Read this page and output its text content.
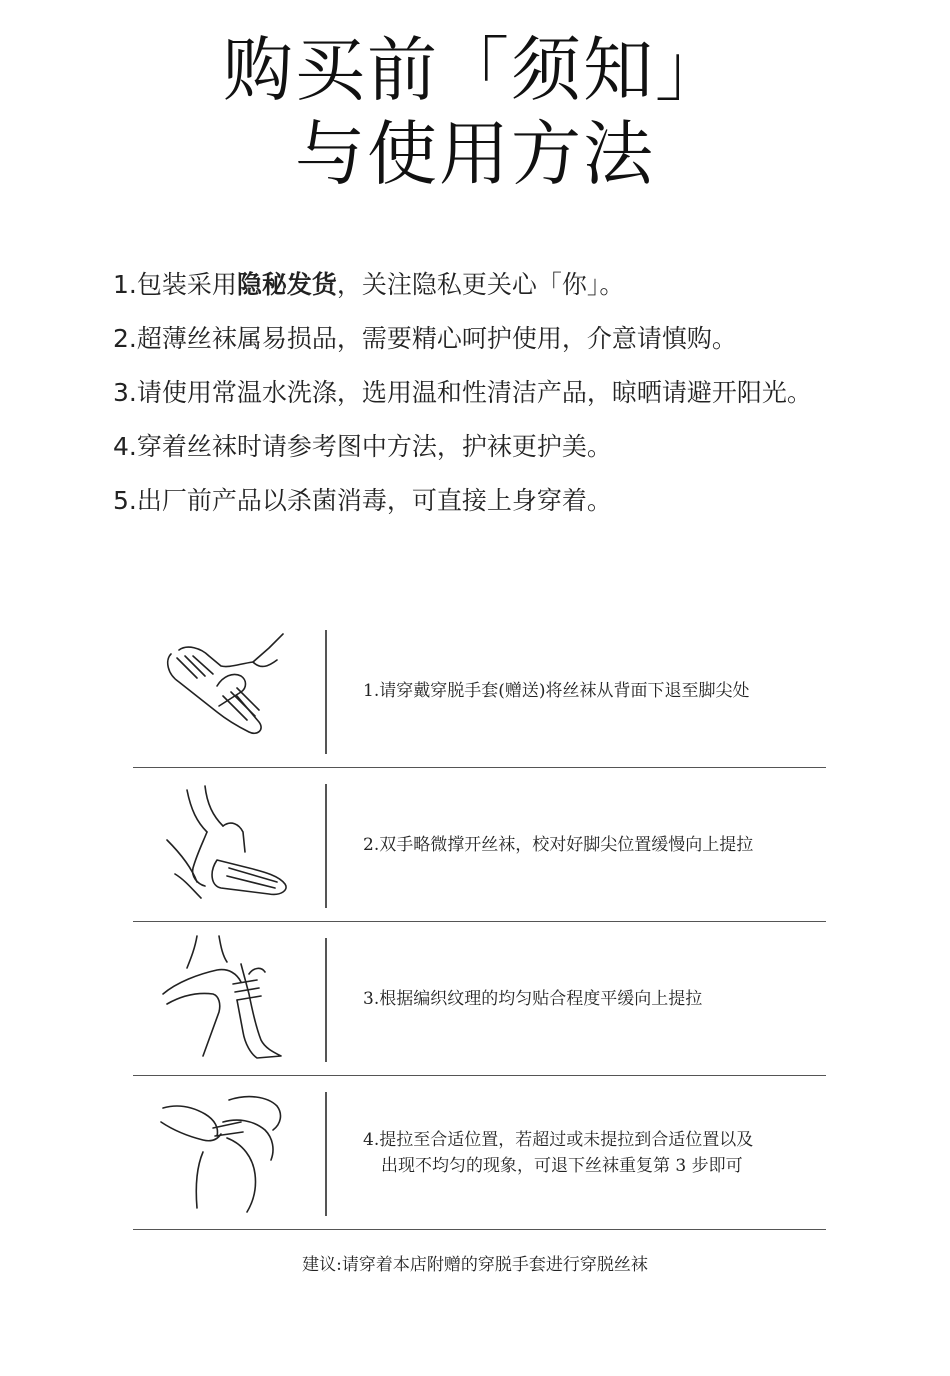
购买前「须知」
与使用方法
1.包装采用隐秘发货，关注隐私更关心「你」。
2.超薄丝袜属易损品，需要精心呵护使用，介意请慎购。
3.请使用常温水洗涤，选用温和性清洁产品，晾晒请避开阳光。
4.穿着丝袜时请参考图中方法，护袜更护美。
5.出厂前产品以杀菌消毒，可直接上身穿着。
1.请穿戴穿脱手套(赠送)将丝袜从背面下退至脚尖处
2.双手略微撑开丝袜，校对好脚尖位置缓慢向上提拉
3.根据编织纹理的均匀贴合程度平缓向上提拉
4.提拉至合适位置，若超过或未提拉到合适位置以及
出现不均匀的现象，可退下丝袜重复第 3 步即可
建议:请穿着本店附赠的穿脱手套进行穿脱丝袜
